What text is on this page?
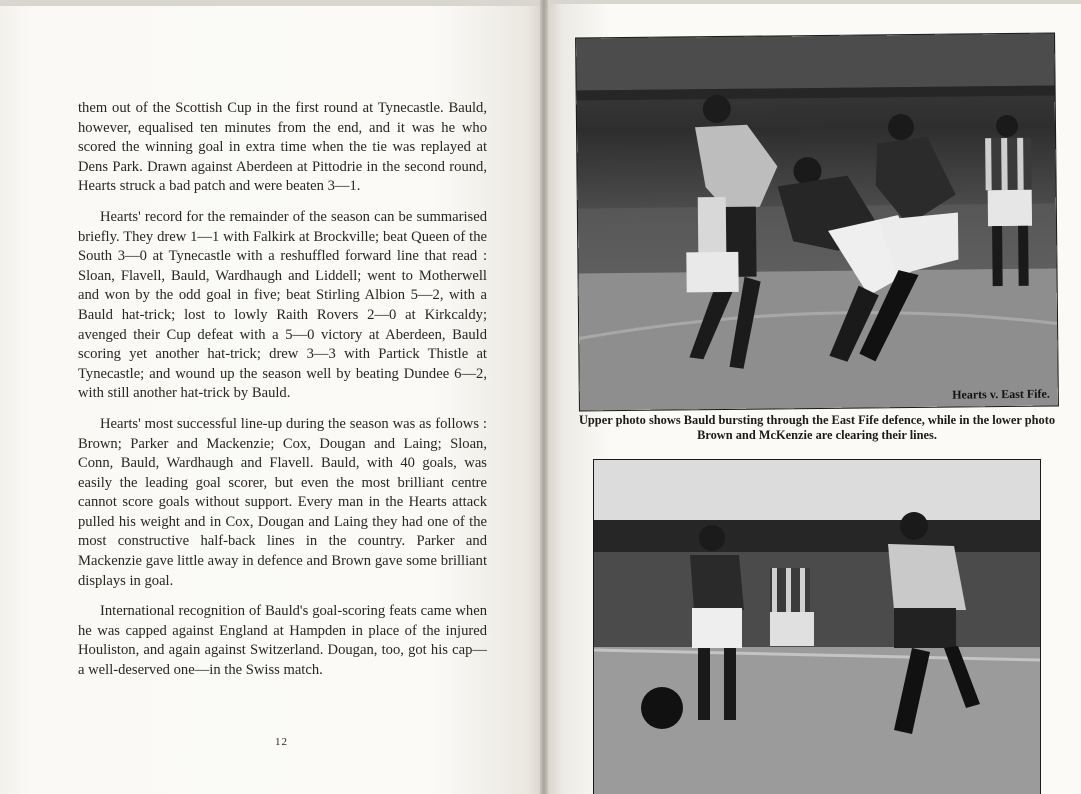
them out of the Scottish Cup in the first round at Tynecastle. Bauld, however, equalised ten minutes from the end, and it was he who scored the winning goal in extra time when the tie was replayed at Dens Park. Drawn against Aberdeen at Pittodrie in the second round, Hearts struck a bad patch and were beaten 3—1.

Hearts' record for the remainder of the season can be summarised briefly. They drew 1—1 with Falkirk at Brockville; beat Queen of the South 3—0 at Tynecastle with a reshuffled forward line that read : Sloan, Flavell, Bauld, Wardhaugh and Liddell; went to Motherwell and won by the odd goal in five; beat Stirling Albion 5—2, with a Bauld hat-trick; lost to lowly Raith Rovers 2—0 at Kirkcaldy; avenged their Cup defeat with a 5—0 victory at Aberdeen, Bauld scoring yet another hat-trick; drew 3—3 with Partick Thistle at Tynecastle; and wound up the season well by beating Dundee 6—2, with still another hat-trick by Bauld.

Hearts' most successful line-up during the season was as follows : Brown; Parker and Mackenzie; Cox, Dougan and Laing; Sloan, Conn, Bauld, Wardhaugh and Flavell. Bauld, with 40 goals, was easily the leading goal scorer, but even the most brilliant centre cannot score goals without support. Every man in the Hearts attack pulled his weight and in Cox, Dougan and Laing they had one of the most constructive half-back lines in the country. Parker and Mackenzie gave little away in defence and Brown gave some brilliant displays in goal.

International recognition of Bauld's goal-scoring feats came when he was capped against England at Hampden in place of the injured Houliston, and again against Switzerland. Dougan, too, got his cap—a well-deserved one—in the Swiss match.

12
Hearts v. East Fife.
Upper photo shows Bauld bursting through the East Fife defence, while in the lower photo Brown and McKenzie are clearing their lines.
